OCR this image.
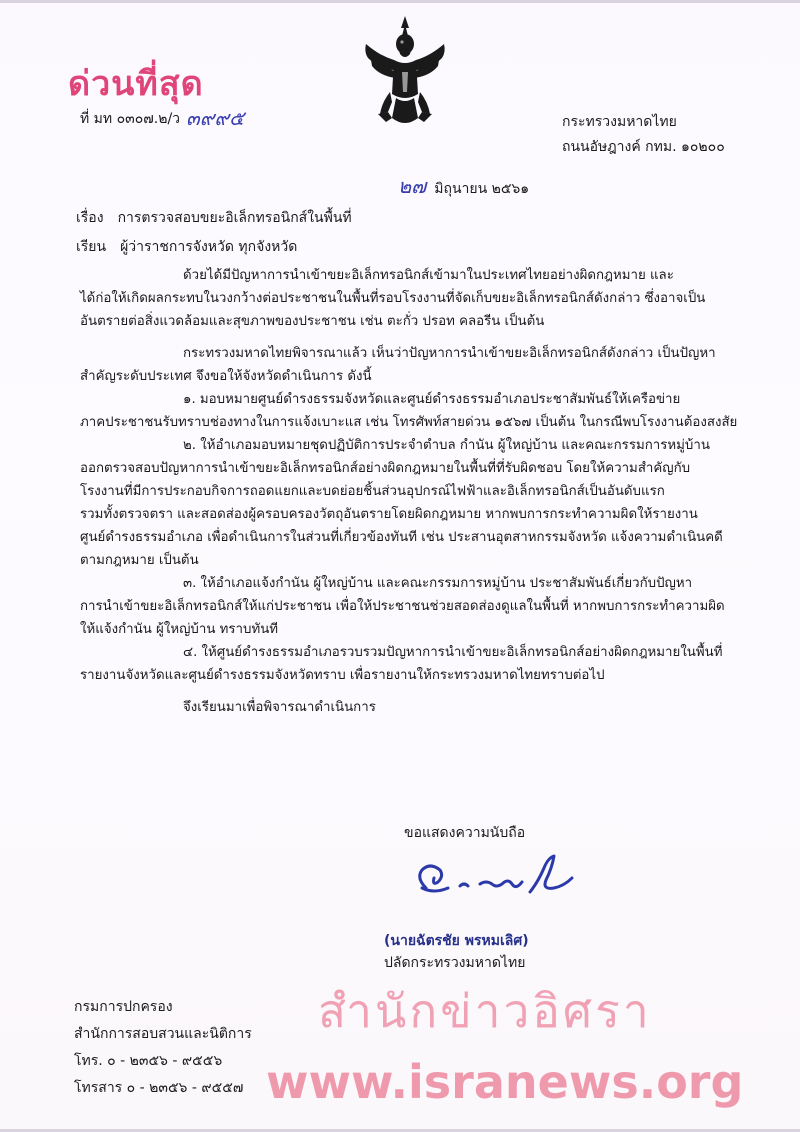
ด่วนที่สุด
ที่ มท ๐๓๐๗.๒/ว ๓๙๙๕	กระทรวงมหาดไทย
ถนนอัษฎางค์ กทม. ๑๐๒๐๐
๒๗ มิถุนายน ๒๕๖๑
เรื่อง การตรวจสอบขยะอิเล็กทรอนิกส์ในพื้นที่
เรียน ผู้ว่าราชการจังหวัด ทุกจังหวัด

ด้วยได้มีปัญหาการนำเข้าขยะอิเล็กทรอนิกส์เข้ามาในประเทศไทยอย่างผิดกฎหมาย และ

ได้ก่อให้เกิดผลกระทบในวงกว้างต่อประชาชนในพื้นที่รอบโรงงานที่จัดเก็บขยะอิเล็กทรอนิกส์ดังกล่าว ซึ่งอาจเป็น

อันตรายต่อสิ่งแวดล้อมและสุขภาพของประชาชน เช่น ตะกั่ว ปรอท คลอรีน เป็นต้น

กระทรวงมหาดไทยพิจารณาแล้ว เห็นว่าปัญหาการนำเข้าขยะอิเล็กทรอนิกส์ดังกล่าว เป็นปัญหา

สำคัญระดับประเทศ จึงขอให้จังหวัดดำเนินการ ดังนี้

๑. มอบหมายศูนย์ดำรงธรรมจังหวัดและศูนย์ดำรงธรรมอำเภอประชาสัมพันธ์ให้เครือข่าย

ภาคประชาชนรับทราบช่องทางในการแจ้งเบาะแส เช่น โทรศัพท์สายด่วน ๑๕๖๗ เป็นต้น ในกรณีพบโรงงานต้องสงสัย

๒. ให้อำเภอมอบหมายชุดปฏิบัติการประจำตำบล กำนัน ผู้ใหญ่บ้าน และคณะกรรมการหมู่บ้าน

ออกตรวจสอบปัญหาการนำเข้าขยะอิเล็กทรอนิกส์อย่างผิดกฎหมายในพื้นที่ที่รับผิดชอบ โดยให้ความสำคัญกับ

โรงงานที่มีการประกอบกิจการถอดแยกและบดย่อยชิ้นส่วนอุปกรณ์ไฟฟ้าและอิเล็กทรอนิกส์เป็นอันดับแรก

รวมทั้งตรวจตรา และสอดส่องผู้ครอบครองวัตถุอันตรายโดยผิดกฎหมาย หากพบการกระทำความผิดให้รายงาน

ศูนย์ดำรงธรรมอำเภอ เพื่อดำเนินการในส่วนที่เกี่ยวข้องทันที เช่น ประสานอุตสาหกรรมจังหวัด แจ้งความดำเนินคดี

ตามกฎหมาย เป็นต้น

๓. ให้อำเภอแจ้งกำนัน ผู้ใหญ่บ้าน และคณะกรรมการหมู่บ้าน ประชาสัมพันธ์เกี่ยวกับปัญหา

การนำเข้าขยะอิเล็กทรอนิกส์ให้แก่ประชาชน เพื่อให้ประชาชนช่วยสอดส่องดูแลในพื้นที่ หากพบการกระทำความผิด

ให้แจ้งกำนัน ผู้ใหญ่บ้าน ทราบทันที

๔. ให้ศูนย์ดำรงธรรมอำเภอรวบรวมปัญหาการนำเข้าขยะอิเล็กทรอนิกส์อย่างผิดกฎหมายในพื้นที่

รายงานจังหวัดและศูนย์ดำรงธรรมจังหวัดทราบ เพื่อรายงานให้กระทรวงมหาดไทยทราบต่อไป

จึงเรียนมาเพื่อพิจารณาดำเนินการ

ขอแสดงความนับถือ
(นายฉัตรชัย พรหมเลิศ)
ปลัดกระทรวงมหาดไทย
กรมการปกครอง
สำนักการสอบสวนและนิติการ
โทร. ๐ - ๒๓๕๖ - ๙๕๕๖
โทรสาร ๐ - ๒๓๕๖ - ๙๕๕๗
สำนักข่าวอิศรา
www.isranews.org
